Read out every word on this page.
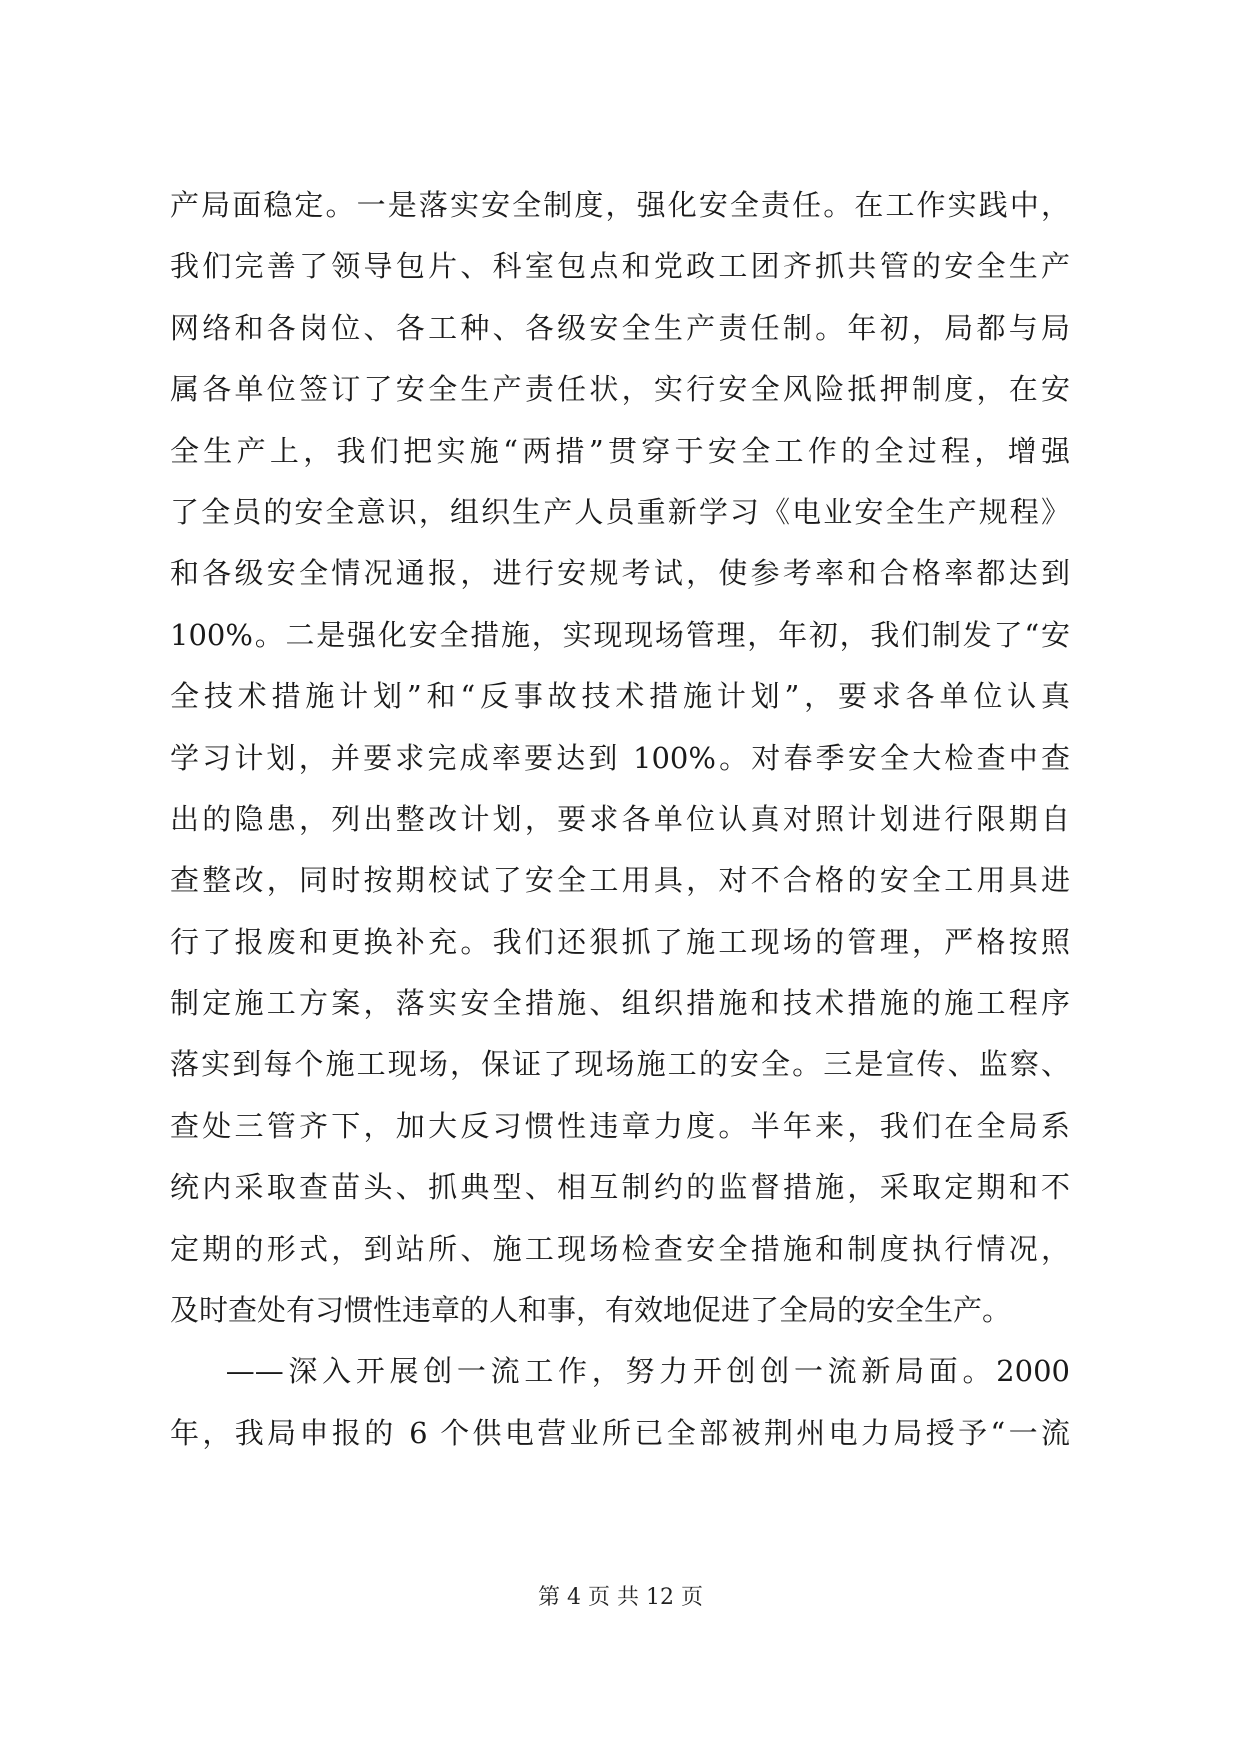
产局面稳定。一是落实安全制度，强化安全责任。在工作实践中，
我们完善了领导包片、科室包点和党政工团齐抓共管的安全生产
网络和各岗位、各工种、各级安全生产责任制。年初，局都与局
属各单位签订了安全生产责任状，实行安全风险抵押制度，在安
全生产上，我们把实施“两措”贯穿于安全工作的全过程，增强
了全员的安全意识，组织生产人员重新学习《电业安全生产规程》
和各级安全情况通报，进行安规考试，使参考率和合格率都达到
100%。二是强化安全措施，实现现场管理，年初，我们制发了“安
全技术措施计划”和“反事故技术措施计划”，要求各单位认真
学习计划，并要求完成率要达到 100%。对春季安全大检查中查
出的隐患，列出整改计划，要求各单位认真对照计划进行限期自
查整改，同时按期校试了安全工用具，对不合格的安全工用具进
行了报废和更换补充。我们还狠抓了施工现场的管理，严格按照
制定施工方案，落实安全措施、组织措施和技术措施的施工程序
落实到每个施工现场，保证了现场施工的安全。三是宣传、监察、
查处三管齐下，加大反习惯性违章力度。半年来，我们在全局系
统内采取查苗头、抓典型、相互制约的监督措施，采取定期和不
定期的形式，到站所、施工现场检查安全措施和制度执行情况，
及时查处有习惯性违章的人和事，有效地促进了全局的安全生产。
——深入开展创一流工作，努力开创创一流新局面。2000
年，我局申报的 6 个供电营业所已全部被荆州电力局授予“一流
第 4 页 共 12 页
